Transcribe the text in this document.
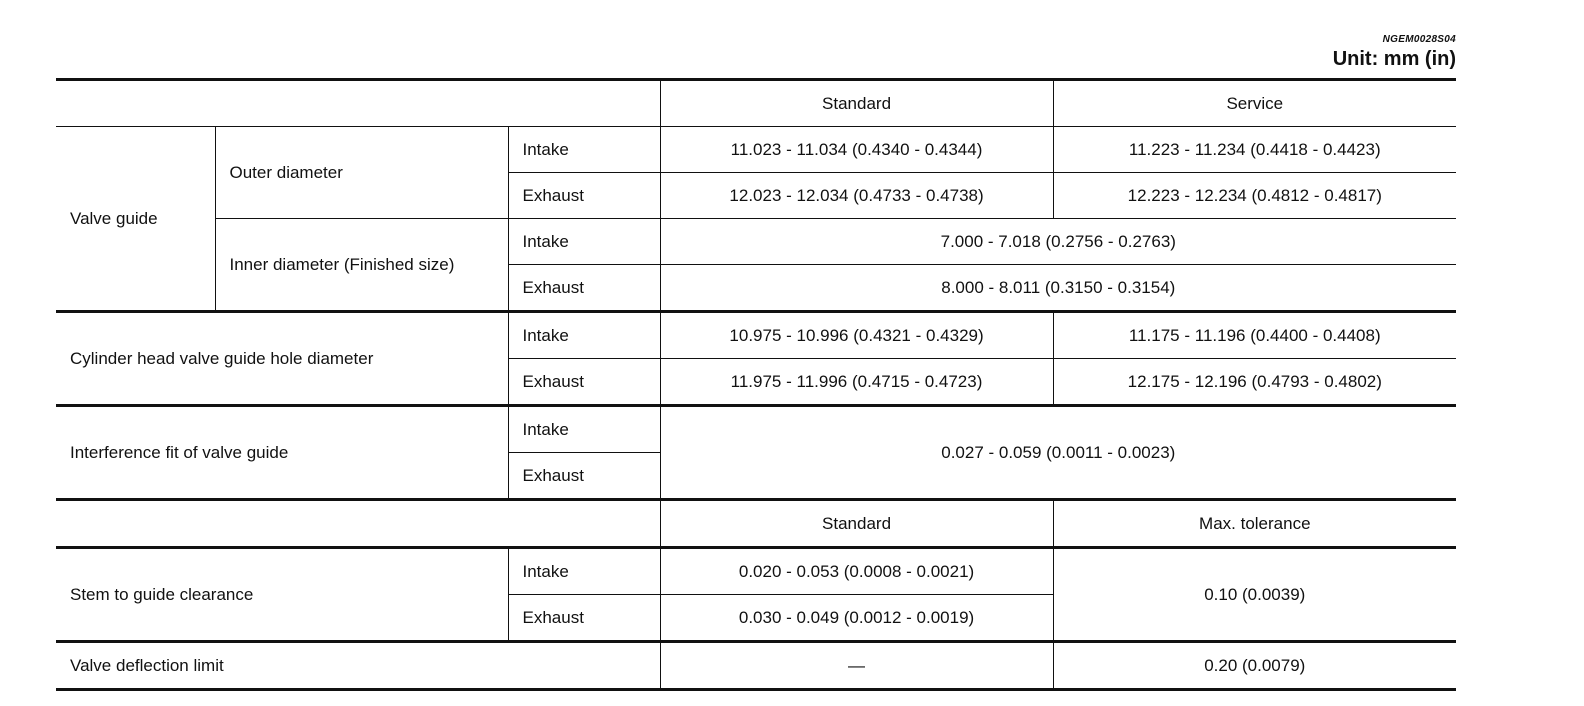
NGEM0028S04
Unit: mm (in)
			Standard	Service
Valve guide	Outer diameter	Intake	11.023 - 11.034 (0.4340 - 0.4344)	11.223 - 11.234 (0.4418 - 0.4423)
		Exhaust	12.023 - 12.034 (0.4733 - 0.4738)	12.223 - 12.234 (0.4812 - 0.4817)
	Inner diameter (Finished size)	Intake	7.000 - 7.018 (0.2756 - 0.2763)	
		Exhaust	8.000 - 8.011 (0.3150 - 0.3154)	
Cylinder head valve guide hole diameter		Intake	10.975 - 10.996 (0.4321 - 0.4329)	11.175 - 11.196 (0.4400 - 0.4408)
		Exhaust	11.975 - 11.996 (0.4715 - 0.4723)	12.175 - 12.196 (0.4793 - 0.4802)
Interference fit of valve guide		Intake	0.027 - 0.059 (0.0011 - 0.0023)	
		Exhaust		
			Standard	Max. tolerance
Stem to guide clearance		Intake	0.020 - 0.053 (0.0008 - 0.0021)	0.10 (0.0039)
		Exhaust	0.030 - 0.049 (0.0012 - 0.0019)	
Valve deflection limit			—	0.20 (0.0079)
